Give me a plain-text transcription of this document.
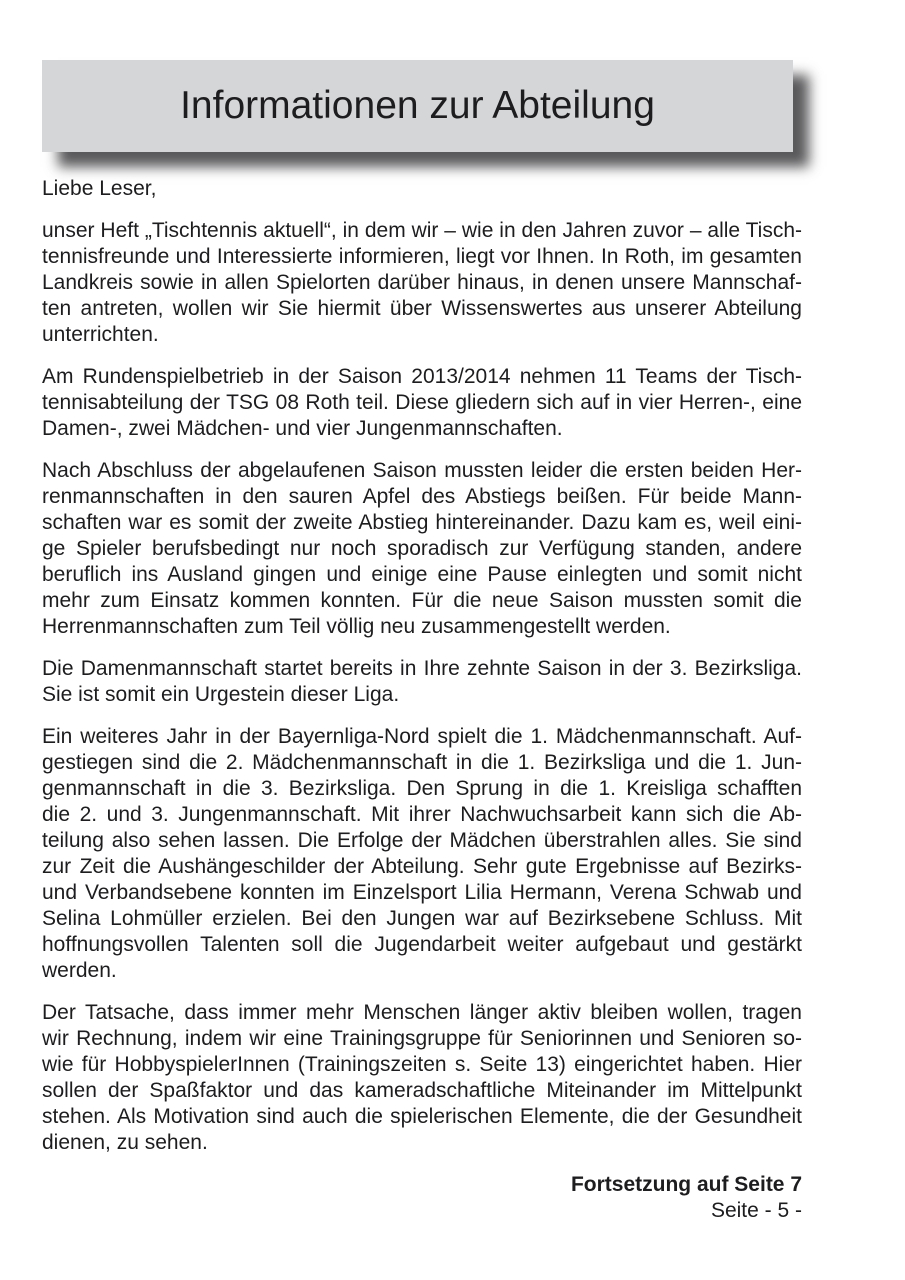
Informationen zur Abteilung

Liebe Leser,

unser Heft „Tischtennis aktuell“, in dem wir – wie in den Jahren zuvor – alle Tisch-
tennisfreunde und Interessierte informieren, liegt vor Ihnen. In Roth, im gesamten
Landkreis sowie in allen Spielorten darüber hinaus, in denen unsere Mannschaf-
ten antreten, wollen wir Sie hiermit über Wissenswertes aus unserer Abteilung
unterrichten.

Am Rundenspielbetrieb in der Saison 2013/2014 nehmen 11 Teams der Tisch-
tennisabteilung der TSG 08 Roth teil. Diese gliedern sich auf in vier Herren-, eine
Damen-, zwei Mädchen- und vier Jungenmannschaften.

Nach Abschluss der abgelaufenen Saison mussten leider die ersten beiden Her-
renmannschaften in den sauren Apfel des Abstiegs beißen. Für beide Mann-
schaften war es somit der zweite Abstieg hintereinander. Dazu kam es, weil eini-
ge Spieler berufsbedingt nur noch sporadisch zur Verfügung standen, andere
beruflich ins Ausland gingen und einige eine Pause einlegten und somit nicht
mehr zum Einsatz kommen konnten. Für die neue Saison mussten somit die
Herrenmannschaften zum Teil völlig neu zusammengestellt werden.

Die Damenmannschaft startet bereits in Ihre zehnte Saison in der 3. Bezirksliga.
Sie ist somit ein Urgestein dieser Liga.

Ein weiteres Jahr in der Bayernliga-Nord spielt die 1. Mädchenmannschaft. Auf-
gestiegen sind die 2. Mädchenmannschaft in die 1. Bezirksliga und die 1. Jun-
genmannschaft in die 3. Bezirksliga. Den Sprung in die 1. Kreisliga schafften
die 2. und 3. Jungenmannschaft. Mit ihrer Nachwuchsarbeit kann sich die Ab-
teilung also sehen lassen. Die Erfolge der Mädchen überstrahlen alles. Sie sind
zur Zeit die Aushängeschilder der Abteilung. Sehr gute Ergebnisse auf Bezirks-
und Verbandsebene konnten im Einzelsport Lilia Hermann, Verena Schwab und
Selina Lohmüller erzielen. Bei den Jungen war auf Bezirksebene Schluss. Mit
hoffnungsvollen Talenten soll die Jugendarbeit weiter aufgebaut und gestärkt
werden.

Der Tatsache, dass immer mehr Menschen länger aktiv bleiben wollen, tragen
wir Rechnung, indem wir eine Trainingsgruppe für Seniorinnen und Senioren so-
wie für HobbyspielerInnen (Trainingszeiten s. Seite 13) eingerichtet haben. Hier
sollen der Spaßfaktor und das kameradschaftliche Miteinander im Mittelpunkt
stehen. Als Motivation sind auch die spielerischen Elemente, die der Gesundheit
dienen, zu sehen.

Fortsetzung auf Seite 7
Seite - 5 -
